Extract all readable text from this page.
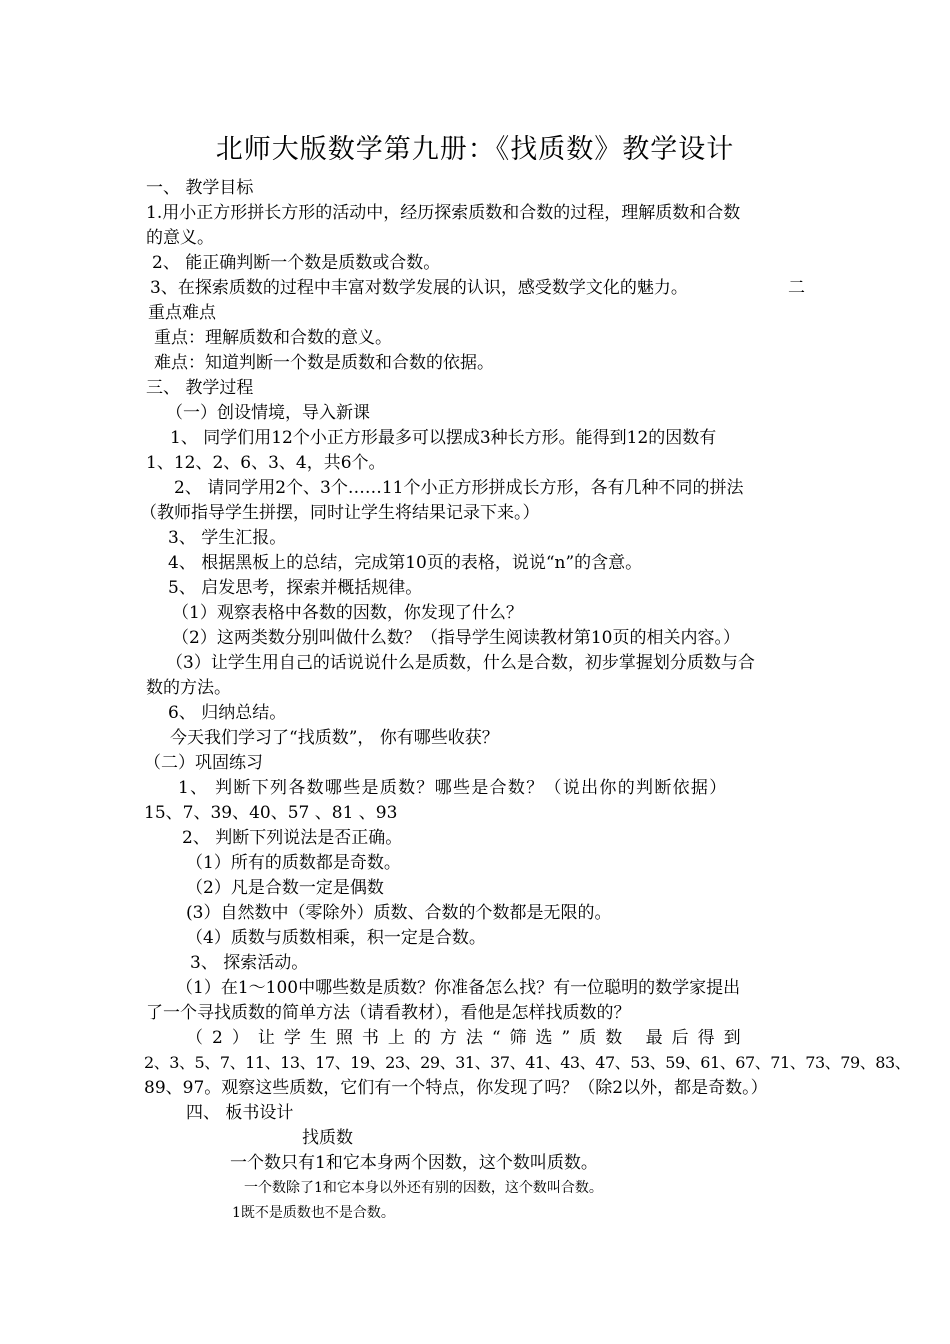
北师大版数学第九册：《找质数》教学设计
一、 教学目标
1.用小正方形拼长方形的活动中，经历探索质数和合数的过程，理解质数和合数
的意义。
2、 能正确判断一个数是质数或合数。
3、在探索质数的过程中丰富对数学发展的认识，感受数学文化的魅力。	二
重点难点
重点：理解质数和合数的意义。
难点：知道判断一个数是质数和合数的依据。
三、 教学过程
（一）创设情境，导入新课
1、 同学们用12个小正方形最多可以摆成3种长方形。能得到12的因数有
1、12、2、6、3、4，共6个。
2、 请同学用2个、3个……11个小正方形拼成长方形，各有几种不同的拼法
（教师指导学生拼摆，同时让学生将结果记录下来。）
3、 学生汇报。
4、 根据黑板上的总结，完成第10页的表格，说说“n”的含意。
5、 启发思考，探索并概括规律。
（1）观察表格中各数的因数，你发现了什么？
（2）这两类数分别叫做什么数？（指导学生阅读教材第10页的相关内容。）
（3）让学生用自己的话说说什么是质数，什么是合数，初步掌握划分质数与合
数的方法。
6、 归纳总结。
今天我们学习了“找质数”， 你有哪些收获？
（二）巩固练习
1、 判断下列各数哪些是质数？哪些是合数？（说出你的判断依据）
15、7、39、40、57 、81 、93
2、 判断下列说法是否正确。
（1）所有的质数都是奇数。
（2）凡是合数一定是偶数
(3）自然数中（零除外）质数、合数的个数都是无限的。
（4）质数与质数相乘，积一定是合数。
3、 探索活动。
（1）在1～100中哪些数是质数？你准备怎么找？有一位聪明的数学家提出
了一个寻找质数的简单方法（请看教材），看他是怎样找质数的？
（2）让学生照书上的方法“筛选”质数 最后得到
2、3、5、7、11、13、17、19、23、29、31、37、41、43、47、53、59、61、67、71、73、79、83、
89、97。观察这些质数，它们有一个特点，你发现了吗？（除2以外，都是奇数。）
四、 板书设计
找质数
一个数只有1和它本身两个因数，这个数叫质数。
一个数除了1和它本身以外还有别的因数，这个数叫合数。
1既不是质数也不是合数。
